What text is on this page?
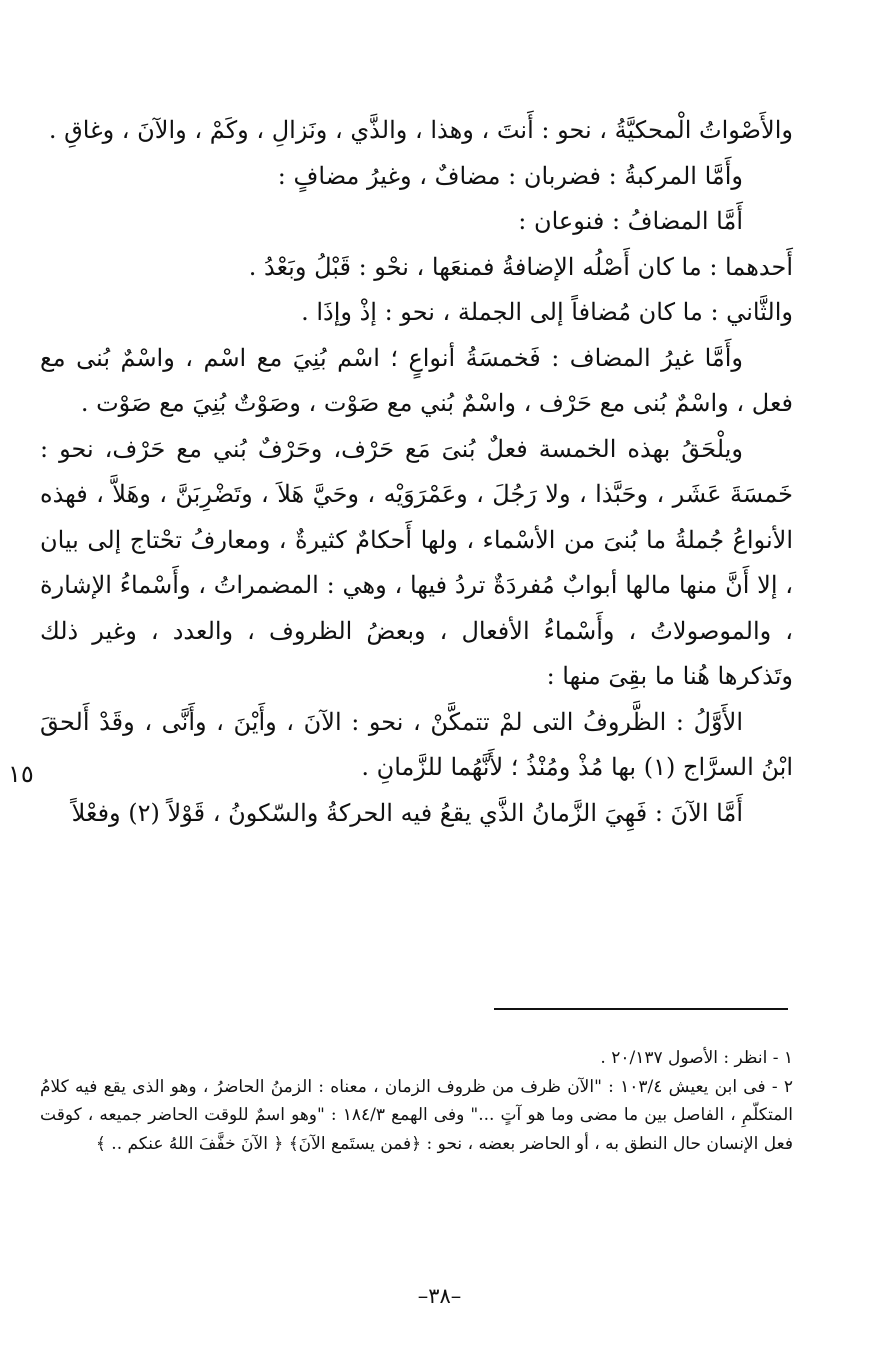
والأَصْواتُ الْمحكيَّةُ ، نحو : أَنتَ ، وهذا ، والذَّي ، ونَزالِ ، وكَمْ ، والآنَ ، وغاقِ .

وأَمَّا المركبةُ : فضربان : مضافٌ ، وغيرُ مضافٍ :

أَمَّا المضافُ : فنوعان :

أَحدهما : ما كان أَصْلُه الإضافةُ فمنعَها ، نحْو : قَبْلُ وبَعْدُ .

والثَّاني : ما كان مُضافاً إلى الجملة ، نحو : إذْ وإذَا .

وأَمَّا غيرُ المضاف : فَخمسَةُ أنواعٍ ؛ اسْم بُنِيَ مع اسْم ، واسْمٌ بُنى مع فعل ، واسْمٌ بُنى مع حَرْف ، واسْمٌ بُني مع صَوْت ، وصَوْتٌ بُنِيَ مع صَوْت .

ويلْحَقُ بهذه الخمسة فعلٌ بُنىَ مَع حَرْف، وحَرْفٌ بُني مع حَرْف، نحو : خَمسَةَ عَشَر ، وحَبَّذا ، ولا رَجُلَ ، وعَمْرَوَيْه ، وحَيَّ هَلاَ ، وتَضْرِبَنَّ ، وهَلاَّ ، فهذه الأنواعُ جُملةُ ما بُنىَ من الأسْماء ، ولها أَحكامٌ كثيرةٌ ، ومعارفُ تحْتاج إلى بيان ، إلا أَنَّ منها مالها أبوابٌ مُفردَةٌ تردُ فيها ، وهي : المضمراتُ ، وأَسْماءُ الإشارة ، والموصولاتُ ، وأَسْماءُ الأفعال ، وبعضُ الظروف ، والعدد ، وغير ذلك وتَذكرها هُنا ما بقِىَ منها :

الأَوَّلُ : الظَّروفُ التى لمْ تتمكَّنْ ، نحو : الآنَ ، وأَيْنَ ، وأَنَّى ، وقَدْ أَلحقَ ابْنُ السرَّاج (١) بها مُذْ ومُنْذُ ؛ لأَنَّهُما للزَّمانِ .

أَمَّا الآنَ : فَهِيَ الزَّمانُ الذَّي يقعُ فيه الحركةُ والسّكونُ ، قَوْلاً (٢) وفعْلاً

١٥

١ - انظر : الأصول ٢٠/١٣٧ .

٢ - فى ابن يعيش ١٠٣/٤ : "الآن ظرف من ظروف الزمان ، معناه : الزمنُ الحاضرُ ، وهو الذى يقع فيه كلامُ المتكلّمِ ، الفاصل بين ما مضى وما هو آتٍ ..." وفى الهمع ١٨٤/٣ : "وهو اسمٌ للوقت الحاضر جميعه ، كوقت فعل الإنسان حال النطق به ، أو الحاضر بعضه ، نحو : ﴿فمن يستَمع الآنَ﴾ ﴿ الآنَ خفَّفَ اللهُ عنكم .. ﴾

–٣٨–
